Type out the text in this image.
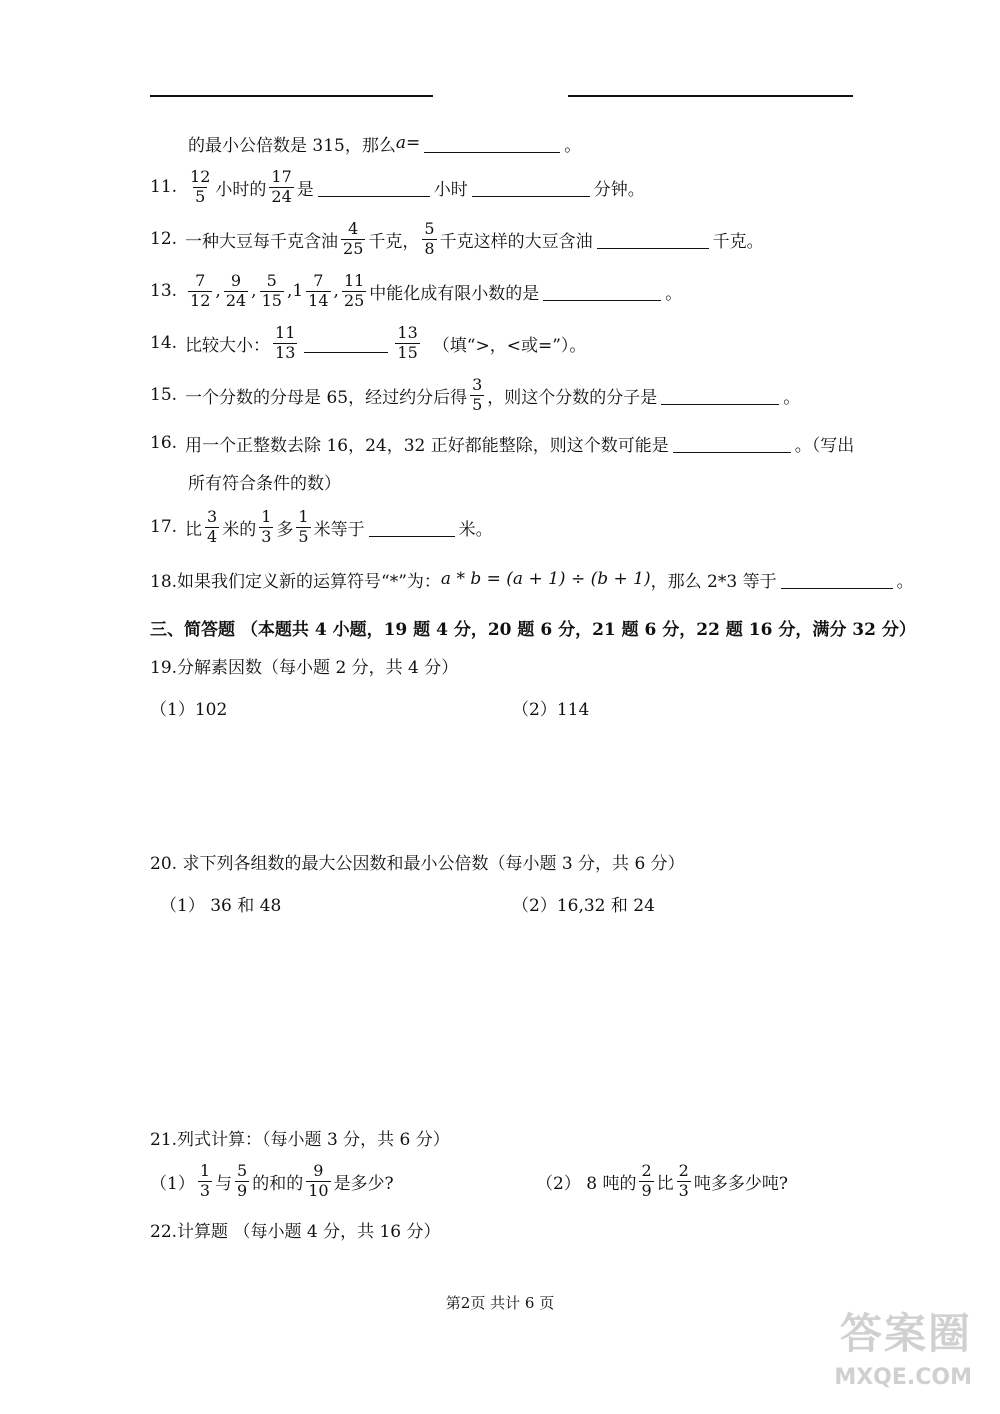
的最小公倍数是 315，那么 a =	。
11. $\frac{12}{5}$ 小时的 $\frac{17}{24}$ 是	小时	分钟。
12. 一种大豆每千克含油 $\frac{4}{25}$ 千克， $\frac{5}{8}$ 千克这样的大豆含油	千克。
13. $\frac{7}{12}$ , $\frac{9}{24}$ , $\frac{5}{15}$ , $1 \frac{7}{14}$ , $\frac{11}{25}$ 中能化成有限小数的是	。
14. 比较大小： $\frac{11}{13}$	$\frac{13}{15}$ （填“>，<或=”）。
15. 一个分数的分母是 65，经过约分后得 $\frac{3}{5}$ ，则这个分数的分子是	。
16. 用一个正整数去除 16，24，32 正好都能整除，则这个数可能是	。（写出
所有符合条件的数）
17. 比 $\frac{3}{4}$ 米的 $\frac{1}{3}$ 多 $\frac{1}{5}$ 米等于	米。
18.如果我们定义新的运算符号“*”为： a * b = (a + 1) ÷ (b + 1) ，那么 2*3 等于	。
三、简答题 （本题共 4 小题，19 题 4 分，20 题 6 分，21 题 6 分，22 题 16 分，满分 32 分）
19.分解素因数（每小题 2 分，共 4 分）
（1）102	（2）114
20. 求下列各组数的最大公因数和最小公倍数（每小题 3 分，共 6 分）
（1） 36 和 48	（2）16,32 和 24
21.列式计算：（每小题 3 分，共 6 分）
$(1) \frac{1}{3}$ 与 $\frac{5}{9}$ 的和的 $\frac{9}{10}$ 是多少?	（2） 8 吨的 $\frac{2}{9}$ 比 $\frac{2}{3}$ 吨多多少吨?
22.计算题 （每小题 4 分，共 16 分）
第2页 共计 6 页
答案圈
MXQE.COM
